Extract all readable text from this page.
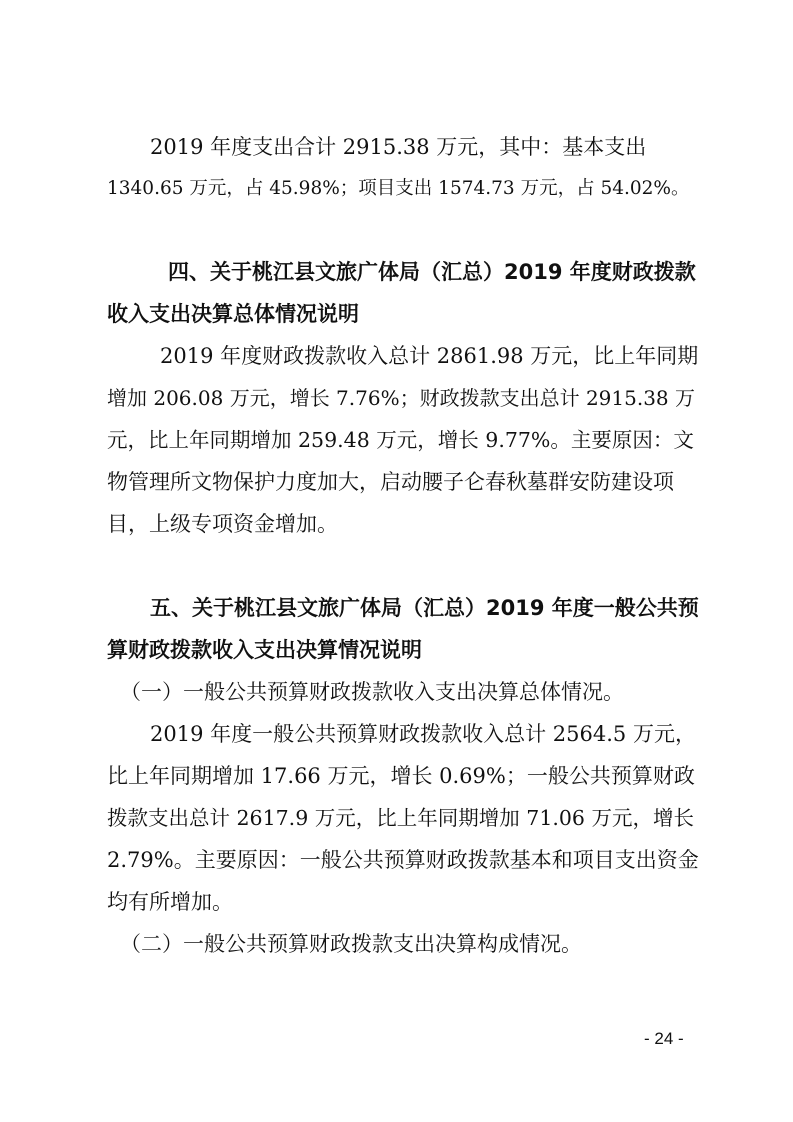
2019 年度支出合计 2915.38 万元，其中：基本支出
1340.65 万元，占 45.98%；项目支出 1574.73 万元，占 54.02%。
四、关于桃江县文旅广体局（汇总）2019 年度财政拨款
收入支出决算总体情况说明
2019 年度财政拨款收入总计 2861.98 万元，比上年同期
增加 206.08 万元，增长 7.76%；财政拨款支出总计 2915.38 万
元，比上年同期增加 259.48 万元，增长 9.77%。主要原因：文
物管理所文物保护力度加大，启动腰子仑春秋墓群安防建设项
目，上级专项资金增加。
五、关于桃江县文旅广体局（汇总）2019 年度一般公共预
算财政拨款收入支出决算情况说明
（一）一般公共预算财政拨款收入支出决算总体情况。
2019 年度一般公共预算财政拨款收入总计 2564.5 万元，
比上年同期增加 17.66 万元，增长 0.69%；一般公共预算财政
拨款支出总计 2617.9 万元，比上年同期增加 71.06 万元，增长
2.79%。主要原因：一般公共预算财政拨款基本和项目支出资金
均有所增加。
（二）一般公共预算财政拨款支出决算构成情况。
- 24 -
